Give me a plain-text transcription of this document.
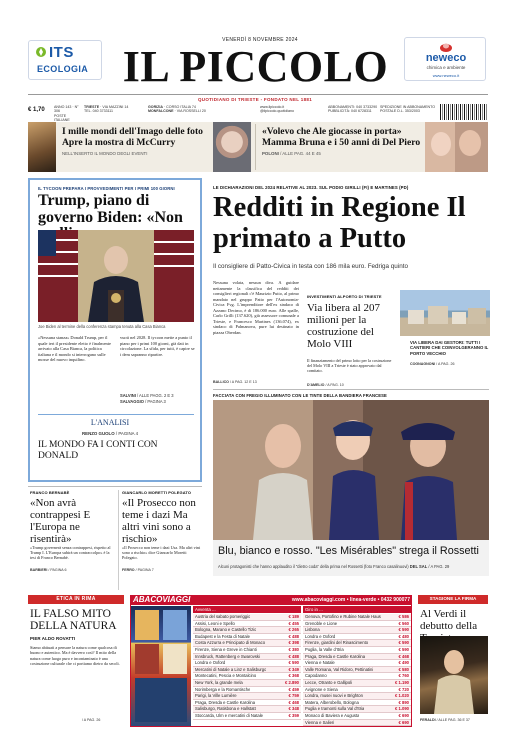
VENERDÌ 8 NOVEMBRE 2024
ITS
ECOLOGIA IL PICCOLO	neweco
chimica e ambiente
www.neweco.it
QUOTIDIANO DI TRIESTE - FONDATO NEL 1881
€ 1,70	ANNO 143 · N° 306
POSTE ITALIANE
TRIESTE · VIA MAZZINI 14
TEL. 040 3733111
GORIZIA · CORSO ITALIA 74
MONFALCONE · VIA ROSSELLI 20
www.ilpiccolo.it
@ilpiccolo.quotidiano
ABBONAMENTI: 040 3733290
PUBBLICITÀ: 040 6728311
SPEDIZIONE IN ABBONAMENTO
POSTALE D.L. 353/2003
I mille mondi dell'Imago delle foto Apre la mostra di McCurry
NELL'INSERTO IL MONDO DEGLI EVENTI
«Volevo che Ale giocasse in porta» Mamma Bruna e i 50 anni di Del Piero
POLONI / ALLE PAG. 44 E 45
IL TYCOON PREPARA I PROVVEDIMENTI PER I PRIMI 100 GIORNI
Trump, piano di governo Biden: «Non
Joe Biden al termine della conferenza stampa tenuta alla Casa Bianca
«Nessuna stanza» Donald Trump, per il quale ieri il presidente eletto è finalmente arrivato alla Casa Bianca, la politica italiana e il mondo si interrogano sulle mosse del nuovo inquilino.
vuoti nel 2028. Il tycoon mette a punto il piano per i primi 100 giorni, già dati in circolazione. La sfida, per tutti, è capire se i dem sapranno ripartire.
SALVINI / ALLE PAGG. 2 E 3
SALVAGGIO / PAGINA 3
L'ANALISI
RENZO GUOLO / PAGINA 4
IL MONDO FA I CONTI CON DONALD
FRANCO BERNABÈ
«Non avrà contrappesi E l'Europa ne risentirà»
«Trump governerà senza contrappesi, rispetto al Trump I. L'Europa subirà un contraccolpo» è la tesi di Franco Bernabè.
BARBIERI / PAGINA 6
GIANCARLO MORETTI POLEGATO
«Il Prosecco non teme i dazi Ma altri vini sono a rischio»
«Il Prosecco non teme i dazi Usa. Ma altri vini sono a rischio» dice Giancarlo Moretti Polegato.
FERRO / PAGINA 7
LE DICHIARAZIONI DEL 2024 RELATIVE AL 2023. SUL PODIO GIRILLI (FI) E MARTINES (PD)
Redditi in Regione Il primato a Putto
Il consigliere di Patto-Civica in testa con 186 mila euro. Fedriga quinto
Nessuna volata, nessun diva. A guidare nettamente la classifica del redditi dei consiglieri regionali c'è Maurizio Putto, al primo mandato nel gruppo Patto per l'Autonomia-Civica Fvg. L'imprenditore dell'ex sindaco di Azzano Decimo, è di 186.000 euro. Alle spalle, Carlo Grilli (137.620), già assessore comunale a Trieste, e Francesco Martines (136.074), ex sindaco di Palmanova, pure lui destinato in piazza Oberdan.
BALLICO / A PAG. 12 E 13
INVESTIMENTI ALPORTO DI TRIESTE
Via libera al 207 milioni per la costruzione del Molo VIII
Il finanziamento del primo lotto per la costruzione del Molo VIII a Trieste è stato approvato dal comitato.
D'AMELIO / A PAG. 10
VIA LIBERA DAI GESTORI: TUTTI I CANTIERI CHE COINVOLGERANNO IL PORTO VECCHIO
COGNAGNONI / A PAG. 26
FACCIATA CON FREGIO ILLUMINATO CON LE TINTE DELLA BANDIERA FRANCESE
Blu, bianco e rosso. "Les Misérables" strega il Rossetti
Alcuni protagonisti che hanno applaudito il "dietro coda" della prima nel Rossetti (foto Franco casalinuovi) DEL SAL / A PAG. 29
ETICA IN RIMA
IL FALSO MITO DELLA NATURA
PIER ALDO ROVATTI
Siamo abituati a pensare la natura come qualcosa di buono e autentico. Ma è davvero così? Il mito della natura come luogo puro e incontaminato è una costruzione culturale che ci portiamo dietro da secoli.
/ A PAG. 26
ABACOVIAGGI	www.abacoviaggi.com • linea-verde • 0432 900077
Avventa ...	Giro in ...
Austria del sabato pomeriggio	€ 189
Assisi, Leoni e Spello	€ 455
Bologna, Marano e Castello Tizio	€ 265
Budapest e la Festa di Natale	€ 488
Costa Azzurra e Principato di Monaco	€ 398
Firenze, Siena e Greve in Chianti	€ 380
Innsbruck, Rattenberg e Swarovski	€ 488
Londra e Oxford	€ 590
Mercatini di Natale a Linz e Salisburgo	€ 349
Montecatini, Pescia e Montalcino	€ 368
New York, la grande mela	€ 2.890
Norimberga e la Romantische	€ 459
Parigi, la Ville Lumière	€ 759
Praga, Dresda e Castle Karolina	€ 468
Salisburgo, Ratisbona e Hallstatt	€ 348
Stoccarda, Ulm e mercatini di Natale	€ 359
Genova, Portofino e Rubine Natale Haus	€ 586
Grenoble e Lione	€ 560
Lisbona	€ 590
Londra e Oxford	€ 480
Firenze, giardini del Rinascimento	€ 590
Puglia, la Valle d'Itria	€ 590
Praga, Dresda e Castle Karolina	€ 468
Vienna e Natale	€ 490
Valle Romana, Val Ridoro, Pettinatini	€ 580
Capodanno	€ 760
Lecce, Otranto e Gallipoli	€ 1.190
Avignone e Siena	€ 720
Londra, musei nuovi e Brighton	€ 1.020
Matera, Alberobello, Bologna	€ 890
Puglia e tramonti sulla Val d'Itria	€ 1.090
Monaco di Baviera e Augusta	€ 690
Vienna e Salieri	€ 690
STAGIONE LA FIRMA
Al Verdi il debutto della
FERALDI / ALLE PAG. 36 E 37
